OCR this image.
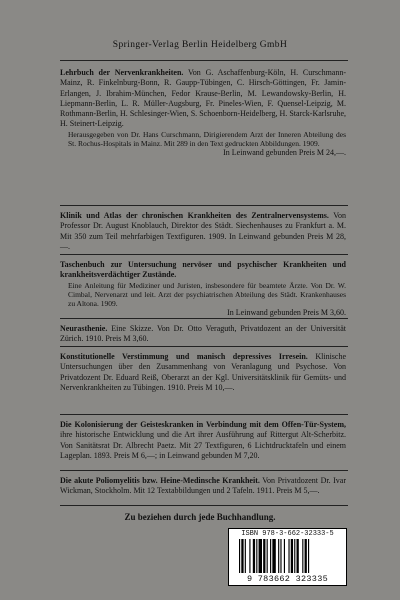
Springer-Verlag Berlin Heidelberg GmbH
Lehrbuch der Nervenkrankheiten. Von G. Aschaffenburg-Köln, H. Curschmann-Mainz, R. Finkelnburg-Bonn, R. Gaupp-Tübingen, C. Hirsch-Göttingen, Fr. Jamin-Erlangen, J. Ibrahim-München, Fedor Krause-Berlin, M. Lewandowsky-Berlin, H. Liepmann-Berlin, L. R. Müller-Augsburg, Fr. Pineles-Wien, F. Quensel-Leipzig, M. Rothmann-Berlin, H. Schlesinger-Wien, S. Schoenborn-Heidelberg, H. Starck-Karlsruhe, H. Steinert-Leipzig.
Herausgegeben von Dr. Hans Curschmann, Dirigierendem Arzt der Inneren Abteilung des St. Rochus-Hospitals in Mainz. Mit 289 in den Text gedruckten Abbildungen. 1909.
In Leinwand gebunden Preis M 24,—.
Klinik und Atlas der chronischen Krankheiten des Zentralnervensystems. Von Professor Dr. August Knoblauch, Direktor des Städt. Siechenhauses zu Frankfurt a. M. Mit 350 zum Teil mehrfarbigen Textfiguren. 1909. In Leinwand gebunden Preis M 28,—.
Taschenbuch zur Untersuchung nervöser und psychischer Krankheiten und krankheitsverdächtiger Zustände.
Eine Anleitung für Mediziner und Juristen, insbesondere für beamtete Ärzte. Von Dr. W. Cimbal, Nervenarzt und leit. Arzt der psychiatrischen Abteilung des Städt. Krankenhauses zu Altona. 1909.
In Leinwand gebunden Preis M 3,60.
Neurasthenie. Eine Skizze. Von Dr. Otto Veraguth, Privatdozent an der Universität Zürich. 1910. Preis M 3,60.
Konstitutionelle Verstimmung und manisch depressives Irresein. Klinische Untersuchungen über den Zusammenhang von Veranlagung und Psychose. Von Privatdozent Dr. Eduard Reiß, Oberarzt an der Kgl. Universitätsklinik für Gemüts- und Nervenkrankheiten zu Tübingen. 1910. Preis M 10,—.
Die Kolonisierung der Geisteskranken in Verbindung mit dem Offen-Tür-System, ihre historische Entwicklung und die Art ihrer Ausführung auf Rittergut Alt-Scherbitz. Von Sanitätsrat Dr. Albrecht Paetz. Mit 27 Textfiguren, 6 Lichtdrucktafeln und einem Lageplan. 1893. Preis M 6,—; in Leinwand gebunden M 7,20.
Die akute Poliomyelitis bzw. Heine-Medinsche Krankheit. Von Privatdozent Dr. Ivar Wickman, Stockholm. Mit 12 Textabbildungen und 2 Tafeln. 1911. Preis M 5,—.
Zu beziehen durch jede Buchhandlung.
ISBN 978-3-662-32333-5
9 783662 323335
